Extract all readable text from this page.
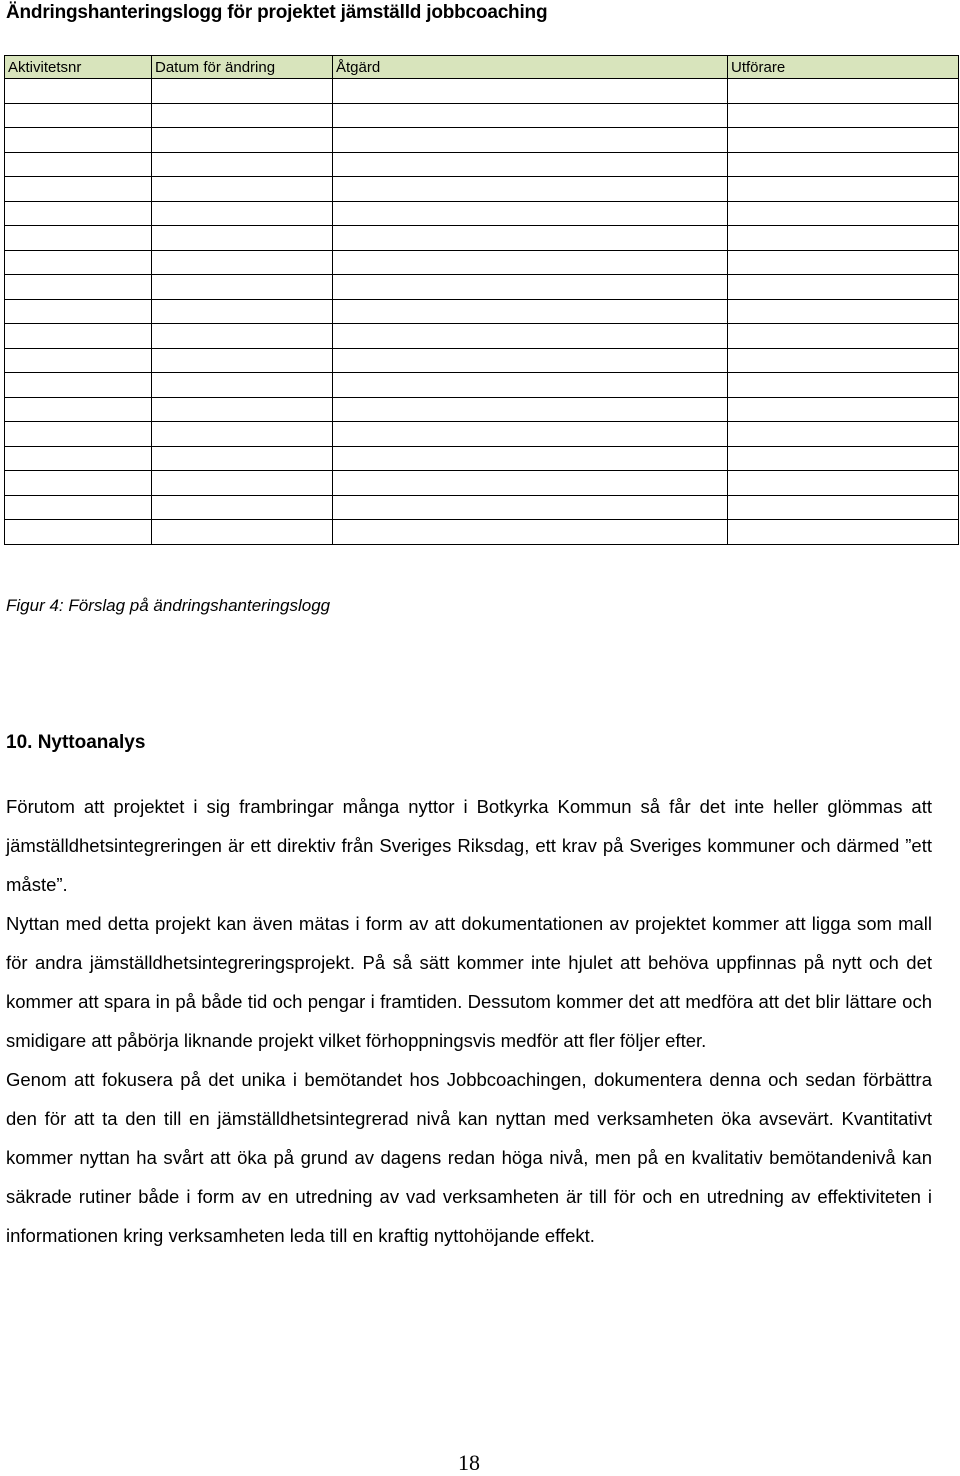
Ändringshanteringslogg för projektet jämställd jobbcoaching
Aktivitetsnr	Datum för ändring	Åtgärd	Utförare

Figur 4: Förslag på ändringshanteringslogg
10. Nyttoanalys

Förutom att projektet i sig frambringar många nyttor i Botkyrka Kommun så får det inte heller glömmas att jämställdhetsintegreringen är ett direktiv från Sveriges Riksdag, ett krav på Sveriges kommuner och därmed ”ett måste”.

Nyttan med detta projekt kan även mätas i form av att dokumentationen av projektet kommer att ligga som mall för andra jämställdhetsintegreringsprojekt. På så sätt kommer inte hjulet att behöva uppfinnas på nytt och det kommer att spara in på både tid och pengar i framtiden. Dessutom kommer det att medföra att det blir lättare och smidigare att påbörja liknande projekt vilket förhoppningsvis medför att fler följer efter.

Genom att fokusera på det unika i bemötandet hos Jobbcoachingen, dokumentera denna och sedan förbättra den för att ta den till en jämställdhetsintegrerad nivå kan nyttan med verksamheten öka avsevärt. Kvantitativt kommer nyttan ha svårt att öka på grund av dagens redan höga nivå, men på en kvalitativ bemötandenivå kan säkrade rutiner både i form av en utredning av vad verksamheten är till för och en utredning av effektiviteten i informationen kring verksamheten leda till en kraftig nyttohöjande effekt.

18
